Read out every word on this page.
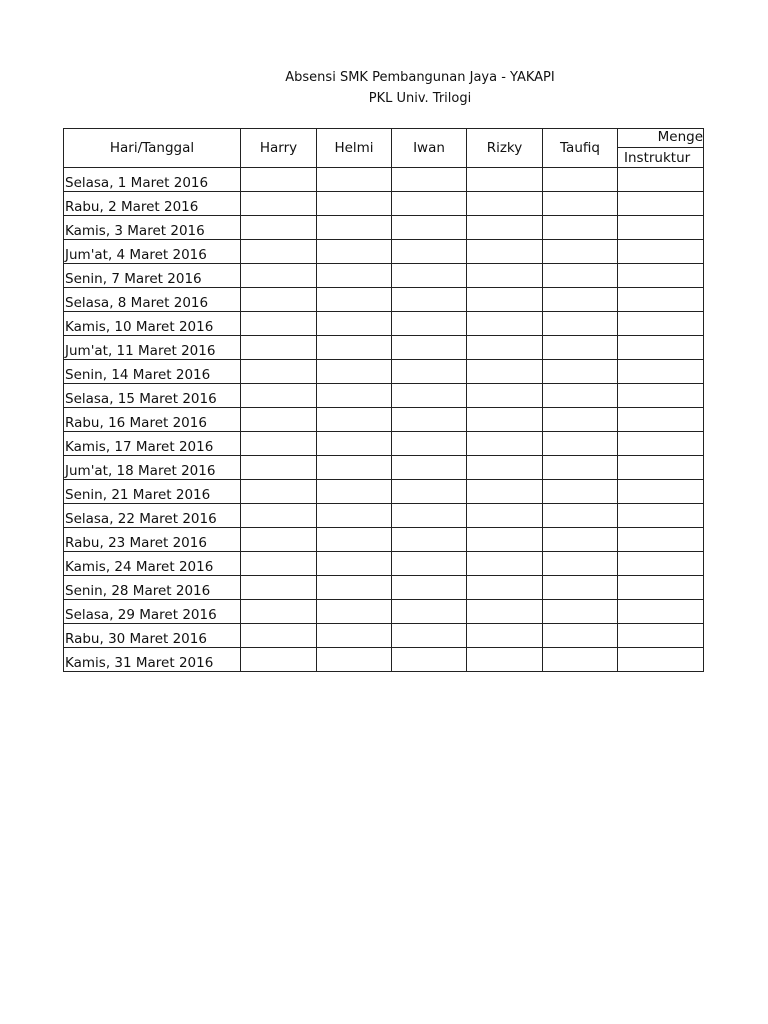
Absensi SMK Pembangunan Jaya - YAKAPI
PKL Univ. Trilogi
Hari/Tanggal	Harry	Helmi	Iwan	Rizky	Taufiq	Menge

						Instruktur
Selasa, 1 Maret 2016						
Rabu, 2 Maret 2016						
Kamis, 3 Maret 2016						
Jum'at, 4 Maret 2016						
Senin, 7 Maret 2016						
Selasa, 8 Maret 2016						
Kamis, 10 Maret 2016						
Jum'at, 11 Maret 2016						
Senin, 14 Maret 2016						
Selasa, 15 Maret 2016						
Rabu, 16 Maret 2016						
Kamis, 17 Maret 2016						
Jum'at, 18 Maret 2016						
Senin, 21 Maret 2016						
Selasa, 22 Maret 2016						
Rabu, 23 Maret 2016						
Kamis, 24 Maret 2016						
Senin, 28 Maret 2016						
Selasa, 29 Maret 2016						
Rabu, 30 Maret 2016						
Kamis, 31 Maret 2016						
